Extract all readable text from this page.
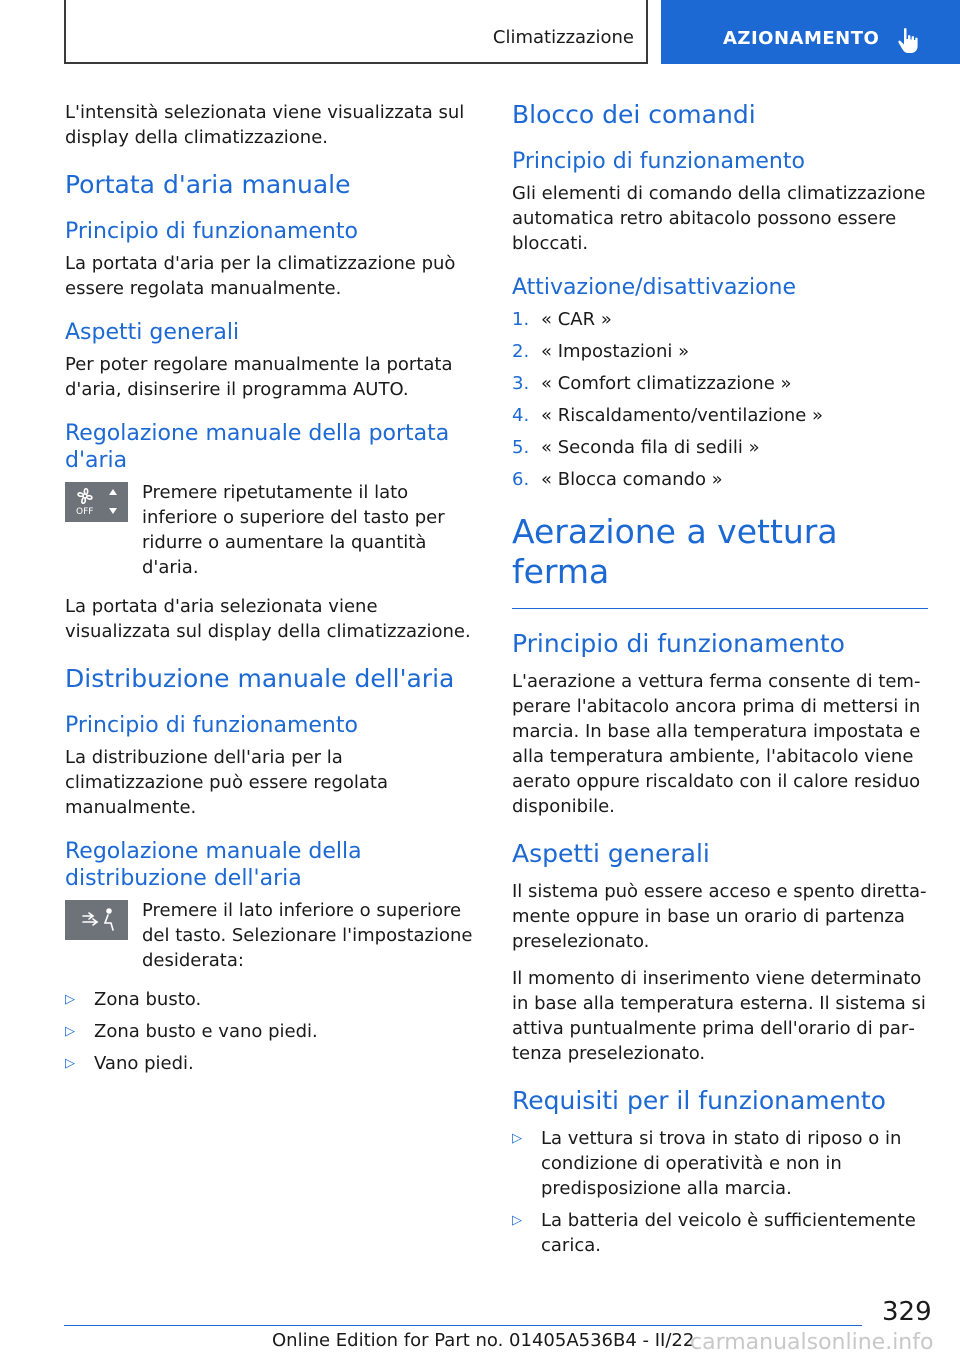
Climatizzazione	AZIONAMENTO

L'intensità selezionata viene visualizzata sul display della climatizzazione.

Portata d'aria manuale
Principio di funzionamento

La portata d'aria per la climatizzazione può essere regolata manualmente.

Aspetti generali

Per poter regolare manualmente la portata d'aria, disinserire il programma AUTO.

Regolazione manuale della portata d'aria
OFF

Premere ripetutamente il lato inferiore o superiore del tasto per ridurre o aumentare la quantità d'aria.

La portata d'aria selezionata viene visualizzata sul display della climatizzazione.

Distribuzione manuale dell'aria
Principio di funzionamento

La distribuzione dell'aria per la climatizzazione può essere regolata manualmente.

Regolazione manuale della distribuzione dell'aria

Premere il lato inferiore o superiore del tasto. Selezionare l'impostazione desiderata:

▷ Zona busto.
▷ Zona busto e vano piedi.
▷ Vano piedi.
Blocco dei comandi
Principio di funzionamento

Gli elementi di comando della climatizzazione automatica retro abitacolo possono essere bloccati.

Attivazione/disattivazione
1. « CAR »
2. « Impostazioni »
3. « Comfort climatizzazione »
4. « Riscaldamento/ventilazione »
5. « Seconda fila di sedili »
6. « Blocca comando »
Aerazione a vettura ferma
Principio di funzionamento

L'aerazione a vettura ferma consente di temperare l'abitacolo ancora prima di mettersi in marcia. In base alla temperatura impostata e alla temperatura ambiente, l'abitacolo viene aerato oppure riscaldato con il calore residuo disponibile.

Aspetti generali

Il sistema può essere acceso e spento direttamente oppure in base un orario di partenza preselezionato.

Il momento di inserimento viene determinato in base alla temperatura esterna. Il sistema si attiva puntualmente prima dell'orario di partenza preselezionato.

Requisiti per il funzionamento
▷ La vettura si trova in stato di riposo o in condizione di operatività e non in predisposizione alla marcia.
▷ La batteria del veicolo è sufficientemente carica.
329
Online Edition for Part no. 01405A536B4 - II/22
carmanualsonline.info
